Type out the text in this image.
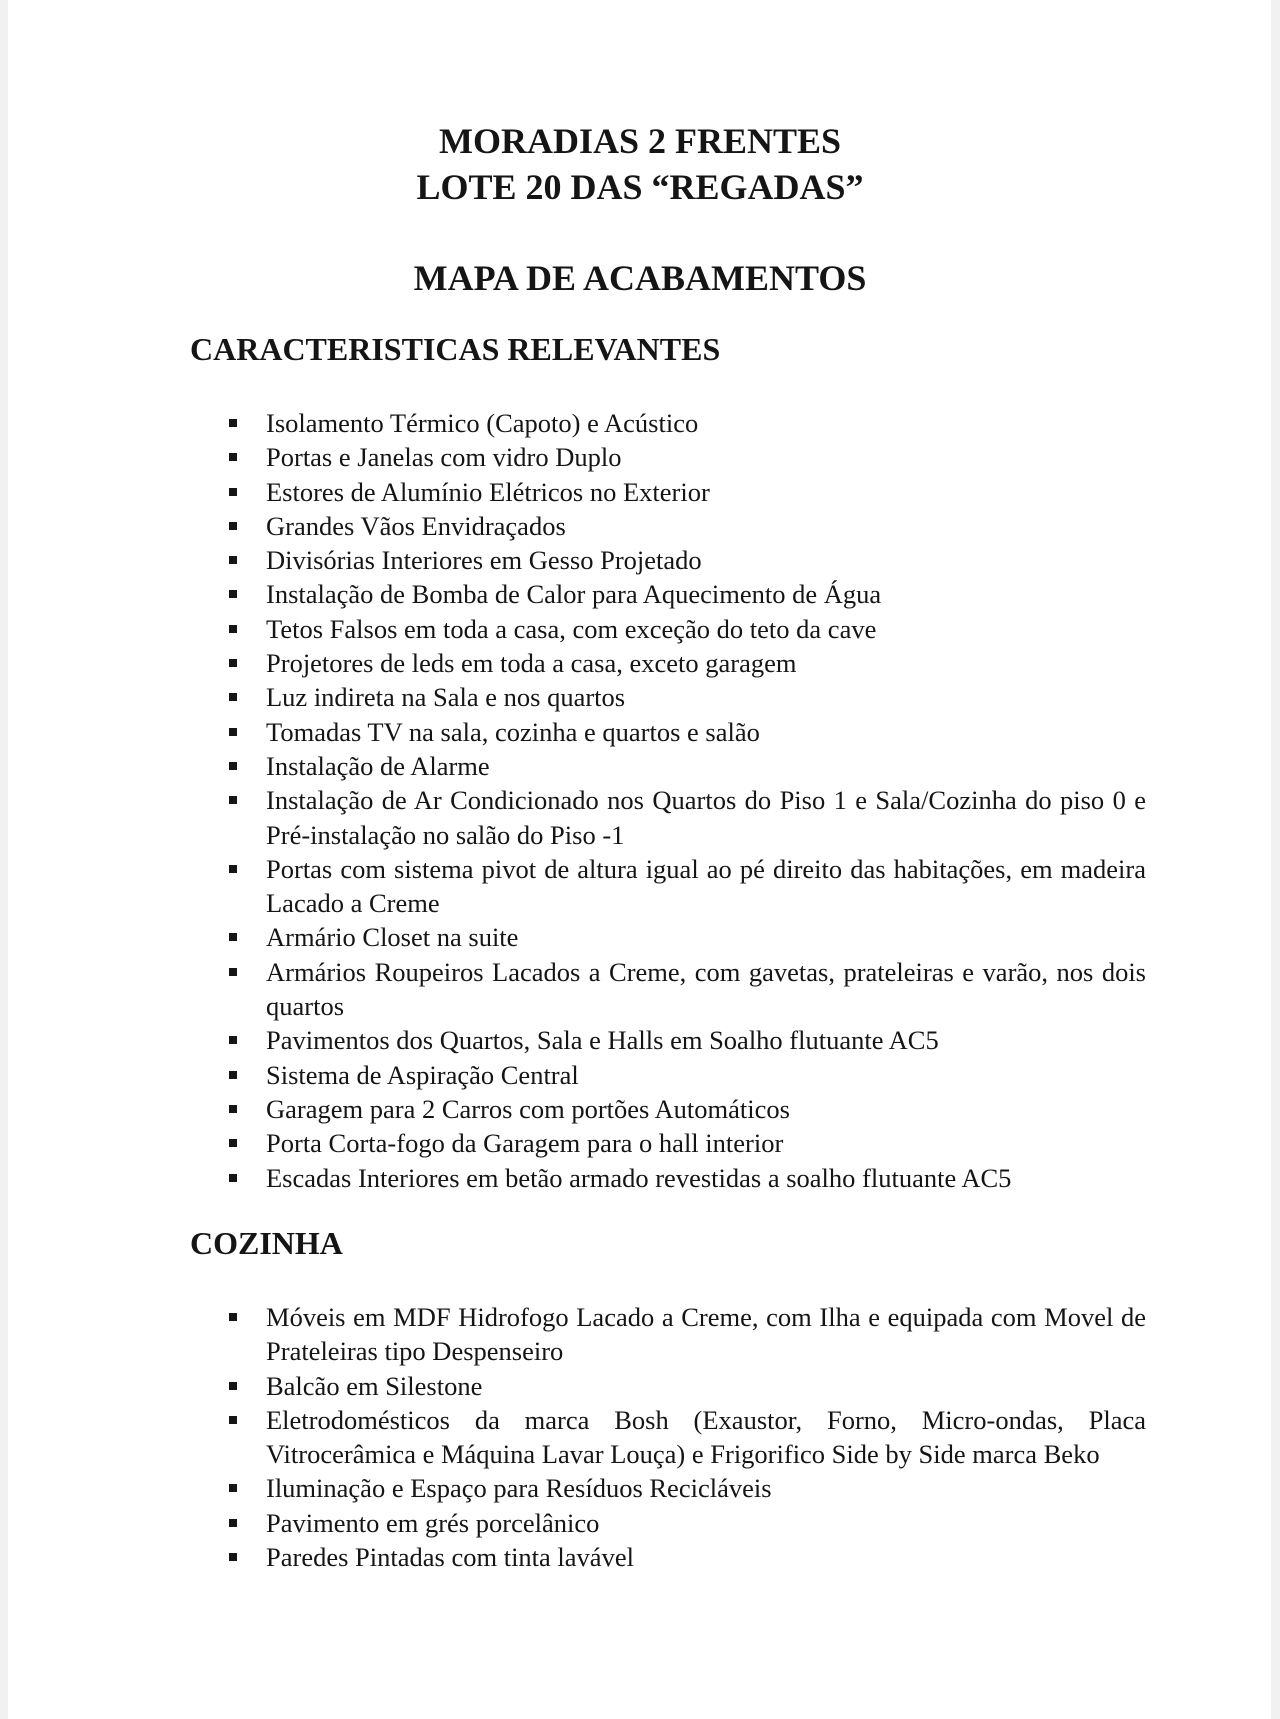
MORADIAS 2 FRENTES
LOTE 20 DAS “REGADAS”
MAPA DE ACABAMENTOS
CARACTERISTICAS RELEVANTES
Isolamento Térmico (Capoto) e Acústico
Portas e Janelas com vidro Duplo
Estores de Alumínio Elétricos no Exterior
Grandes Vãos Envidraçados
Divisórias Interiores em Gesso Projetado
Instalação de Bomba de Calor para Aquecimento de Água
Tetos Falsos em toda a casa, com exceção do teto da cave
Projetores de leds em toda a casa, exceto garagem
Luz indireta na Sala e nos quartos
Tomadas TV na sala, cozinha e quartos e salão
Instalação de Alarme
Instalação de Ar Condicionado nos Quartos do Piso 1 e Sala/Cozinha do piso 0 e Pré-instalação no salão do Piso -1
Portas com sistema pivot de altura igual ao pé direito das habitações, em madeira Lacado a Creme
Armário Closet na suite
Armários Roupeiros Lacados a Creme, com gavetas, prateleiras e varão, nos dois quartos
Pavimentos dos Quartos, Sala e Halls em Soalho flutuante AC5
Sistema de Aspiração Central
Garagem para 2 Carros com portões Automáticos
Porta Corta-fogo da Garagem para o hall interior
Escadas Interiores em betão armado revestidas a soalho flutuante AC5
COZINHA
Móveis em MDF Hidrofogo Lacado a Creme, com Ilha e equipada com Movel de Prateleiras tipo Despenseiro
Balcão em Silestone
Eletrodomésticos da marca Bosh (Exaustor, Forno, Micro-ondas, Placa Vitrocerâmica e Máquina Lavar Louça) e Frigorifico Side by Side marca Beko
Iluminação e Espaço para Resíduos Recicláveis
Pavimento em grés porcelânico
Paredes Pintadas com tinta lavável
